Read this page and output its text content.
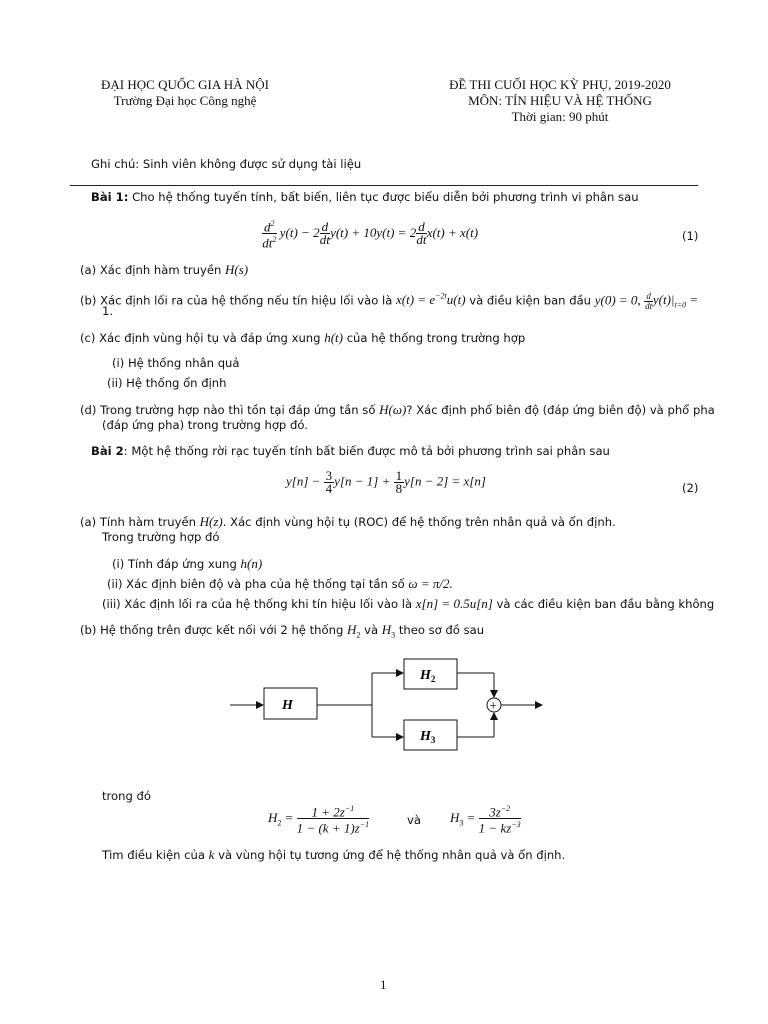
ĐẠI HỌC QUỐC GIA HÀ NỘI
Trường Đại học Công nghệ
ĐỀ THI CUỐI HỌC KỲ PHỤ, 2019-2020
MÔN: TÍN HIỆU VÀ HỆ THỐNG
Thời gian: 90 phút
Ghi chú: Sinh viên không được sử dụng tài liệu
Bài 1: Cho hệ thống tuyến tính, bất biến, liên tục được biểu diễn bởi phương trình vi phân sau
$\frac{d^2}{dt^2} y(t) - 2 \frac{d}{dt} y(t) + 10y(t) = 2 \frac{d}{dt} x(t) + x(t)$	(1)
(a) Xác định hàm truyền H(s)
(b) Xác định lối ra của hệ thống nếu tín hiệu lối vào là $x(t) = e^{-2t}u(t)$ và điều kiện ban đầu y(0) = 0, $\frac{d}{dt} y(t)|_{t=0}$ =
1.
(c) Xác định vùng hội tụ và đáp ứng xung h(t) của hệ thống trong trường hợp
(i) Hệ thống nhân quả
(ii) Hệ thống ổn định
(d) Trong trường hợp nào thì tồn tại đáp ứng tần số H(ω)? Xác định phổ biên độ (đáp ứng biên độ) và phổ pha
(đáp ứng pha) trong trường hợp đó.
Bài 2: Một hệ thống rời rạc tuyến tính bất biến được mô tả bởi phương trình sai phân sau
$y[n] - \frac{3}{4} y[n - 1] + \frac{1}{8} y[n - 2] = x[n]$	(2)
(a) Tính hàm truyền H(z). Xác định vùng hội tụ (ROC) để hệ thống trên nhân quả và ổn định.
Trong trường hợp đó
(i) Tính đáp ứng xung h(n)
(ii) Xác định biên độ và pha của hệ thống tại tần số ω = π/2.
(iii) Xác định lối ra của hệ thống khi tín hiệu lối vào là x[n] = 0.5u[n] và các điều kiện ban đầu bằng không
(b) Hệ thống trên được kết nối với 2 hệ thống $H_2$ và $H_3$ theo sơ đồ sau
H
$H_2$
$H_3$
+
trong đó
$H_2 = \frac{1 + 2z^{-1}}{1 - (k + 1)z^{-1}}$	và $H_3 = \frac{3z^{-2}}{1 - kz^{-3}}$
Tìm điều kiện của k và vùng hội tụ tương ứng để hệ thống nhân quả và ổn định.
1
